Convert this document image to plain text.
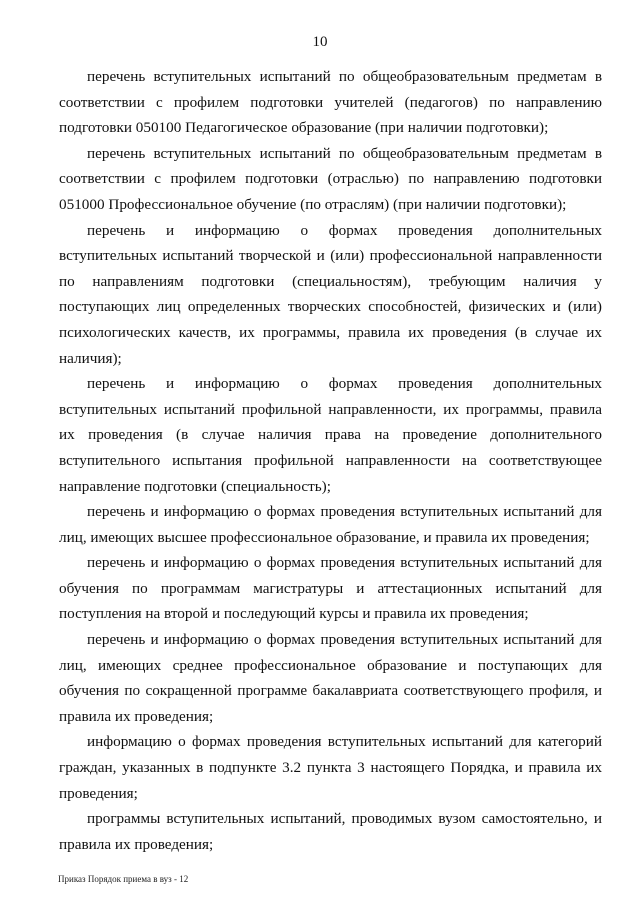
10

перечень вступительных испытаний по общеобразовательным предметам в соответствии с профилем подготовки учителей (педагогов) по направлению подготовки 050100 Педагогическое образование (при наличии подготовки);

перечень вступительных испытаний по общеобразовательным предметам в соответствии с профилем подготовки (отраслью) по направлению подготовки 051000 Профессиональное обучение (по отраслям) (при наличии подготовки);

перечень и информацию о формах проведения дополнительных вступительных испытаний творческой и (или) профессиональной направленности по направлениям подготовки (специальностям), требующим наличия у поступающих лиц определенных творческих способностей, физических и (или) психологических качеств, их программы, правила их проведения (в случае их наличия);

перечень и информацию о формах проведения дополнительных вступительных испытаний профильной направленности, их программы, правила их проведения (в случае наличия права на проведение дополнительного вступительного испытания профильной направленности на соответствующее направление подготовки (специальность);

перечень и информацию о формах проведения вступительных испытаний для лиц, имеющих высшее профессиональное образование, и правила их проведения;

перечень и информацию о формах проведения вступительных испытаний для обучения по программам магистратуры и аттестационных испытаний для поступления на второй и последующий курсы и правила их проведения;

перечень и информацию о формах проведения вступительных испытаний для лиц, имеющих среднее профессиональное образование и поступающих для обучения по сокращенной программе бакалавриата соответствующего профиля, и правила их проведения;

информацию о формах проведения вступительных испытаний для категорий граждан, указанных в подпункте 3.2 пункта 3 настоящего Порядка, и правила их проведения;

программы вступительных испытаний, проводимых вузом самостоятельно, и правила их проведения;

Приказ Порядок приема в вуз - 12
